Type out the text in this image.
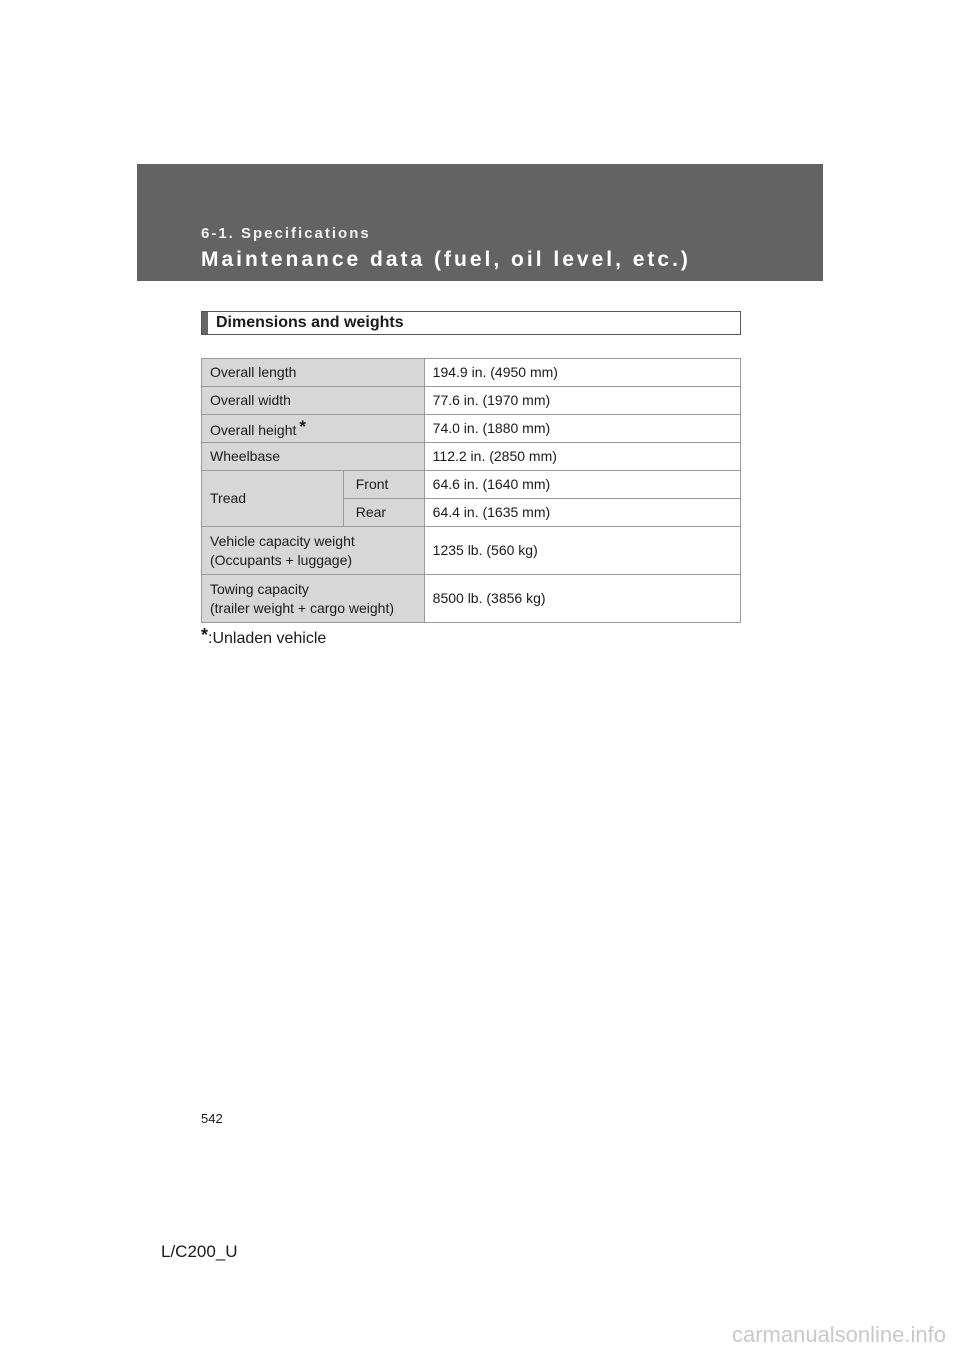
6-1. Specifications
Maintenance data (fuel, oil level, etc.)
Dimensions and weights
Overall length		194.9 in. (4950 mm)
Overall width		77.6 in. (1970 mm)
Overall height *		74.0 in. (1880 mm)
Wheelbase		112.2 in. (2850 mm)
Tread	Front	64.6 in. (1640 mm)
	Rear	64.4 in. (1635 mm)

Vehicle capacity weight
(Occupants + luggage)		1235 lb. (560 kg)

Towing capacity
(trailer weight + cargo weight)		8500 lb. (3856 kg)
*:Unladen vehicle
542
L/C200_U
carmanualsonline.info
